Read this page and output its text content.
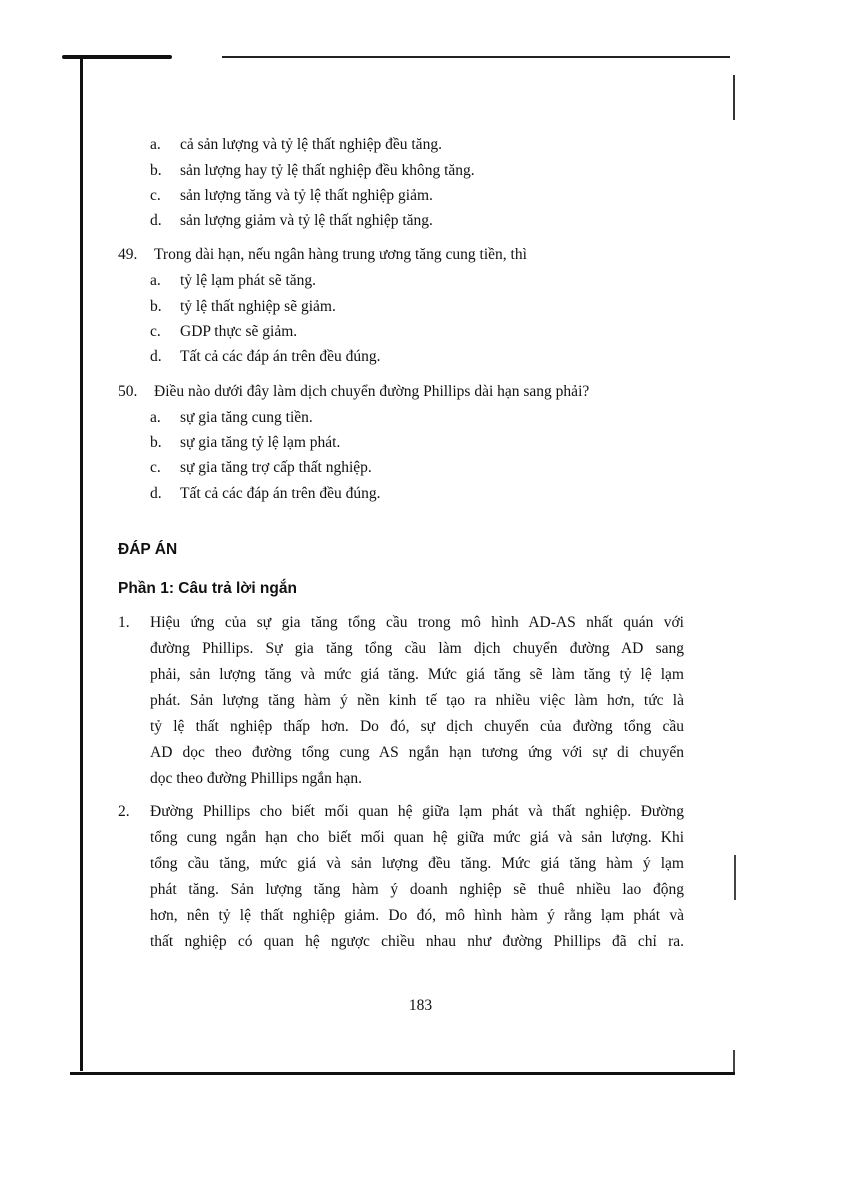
a. cả sản lượng và tỷ lệ thất nghiệp đều tăng.
b. sản lượng hay tỷ lệ thất nghiệp đều không tăng.
c. sản lượng tăng và tỷ lệ thất nghiệp giảm.
d. sản lượng giảm và tỷ lệ thất nghiệp tăng.
49. Trong dài hạn, nếu ngân hàng trung ương tăng cung tiền, thì
a. tỷ lệ lạm phát sẽ tăng.
b. tỷ lệ thất nghiệp sẽ giảm.
c. GDP thực sẽ giảm.
d. Tất cả các đáp án trên đều đúng.
50. Điều nào dưới đây làm dịch chuyển đường Phillips dài hạn sang phải?
a. sự gia tăng cung tiền.
b. sự gia tăng tỷ lệ lạm phát.
c. sự gia tăng trợ cấp thất nghiệp.
d. Tất cả các đáp án trên đều đúng.
ĐÁP ÁN
Phần 1: Câu trả lời ngắn
1. Hiệu ứng của sự gia tăng tổng cầu trong mô hình AD-AS nhất quán với
đường Phillips. Sự gia tăng tổng cầu làm dịch chuyển đường AD sang
phải, sản lượng tăng và mức giá tăng. Mức giá tăng sẽ làm tăng tỷ lệ lạm
phát. Sản lượng tăng hàm ý nền kinh tế tạo ra nhiều việc làm hơn, tức là
tỷ lệ thất nghiệp thấp hơn. Do đó, sự dịch chuyển của đường tổng cầu
AD dọc theo đường tổng cung AS ngắn hạn tương ứng với sự di chuyển
dọc theo đường Phillips ngắn hạn.
2. Đường Phillips cho biết mối quan hệ giữa lạm phát và thất nghiệp. Đường
tổng cung ngắn hạn cho biết mối quan hệ giữa mức giá và sản lượng. Khi
tổng cầu tăng, mức giá và sản lượng đều tăng. Mức giá tăng hàm ý lạm
phát tăng. Sản lượng tăng hàm ý doanh nghiệp sẽ thuê nhiều lao động
hơn, nên tỷ lệ thất nghiệp giảm. Do đó, mô hình hàm ý rằng lạm phát và
thất nghiệp có quan hệ ngược chiều nhau như đường Phillips đã chỉ ra.
183
